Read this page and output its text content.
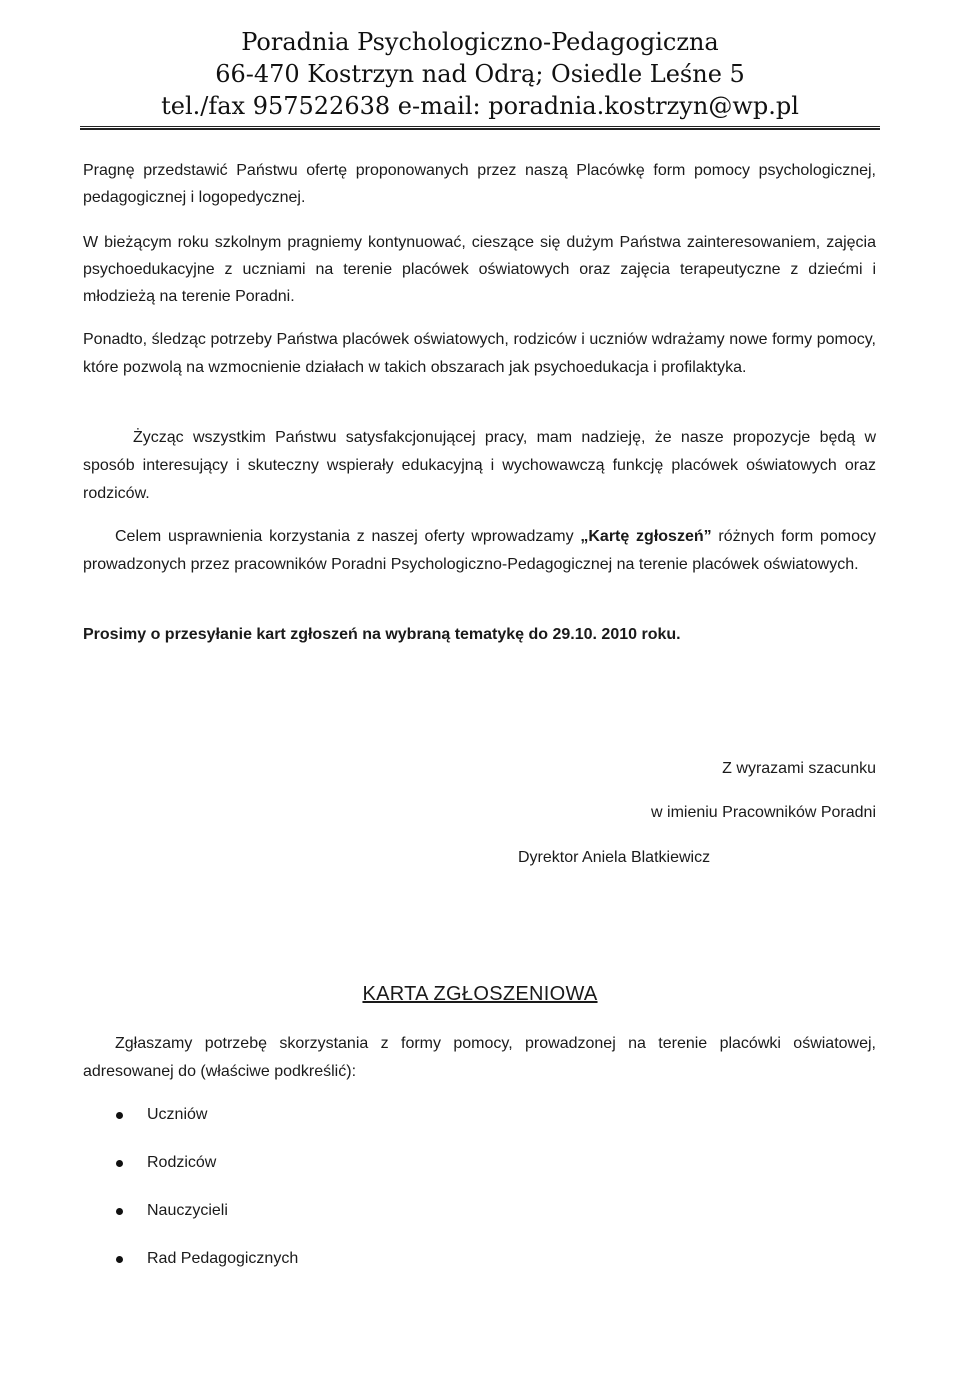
Poradnia Psychologiczno-Pedagogiczna
66-470 Kostrzyn nad Odrą; Osiedle Leśne 5
tel./fax 957522638 e-mail: poradnia.kostrzyn@wp.pl

Pragnę przedstawić Państwu ofertę proponowanych przez naszą Placówkę form pomocy psychologicznej, pedagogicznej i logopedycznej.

W bieżącym roku szkolnym pragniemy kontynuować, cieszące się dużym Państwa zainteresowaniem, zajęcia psychoedukacyjne z uczniami na terenie placówek oświatowych oraz zajęcia terapeutyczne z dziećmi i młodzieżą na terenie Poradni.

Ponadto, śledząc potrzeby Państwa placówek oświatowych, rodziców i uczniów wdrażamy nowe formy pomocy, które pozwolą na wzmocnienie działach w takich obszarach jak psychoedukacja i profilaktyka.

Życząc wszystkim Państwu satysfakcjonującej pracy, mam nadzieję, że nasze propozycje będą w sposób interesujący i skuteczny wspierały edukacyjną i wychowawczą funkcję placówek oświatowych oraz rodziców.

Celem usprawnienia korzystania z naszej oferty wprowadzamy „Kartę zgłoszeń” różnych form pomocy prowadzonych przez pracowników Poradni Psychologiczno-Pedagogicznej na terenie placówek oświatowych.

Prosimy o przesyłanie kart zgłoszeń na wybraną tematykę do 29.10. 2010 roku.

Z wyrazami szacunku
w imieniu Pracowników Poradni
Dyrektor Aniela Blatkiewicz
KARTA ZGŁOSZENIOWA

Zgłaszamy potrzebę skorzystania z formy pomocy, prowadzonej na terenie placówki oświatowej, adresowanej do (właściwe podkreślić):

Uczniów
Rodziców
Nauczycieli
Rad Pedagogicznych
